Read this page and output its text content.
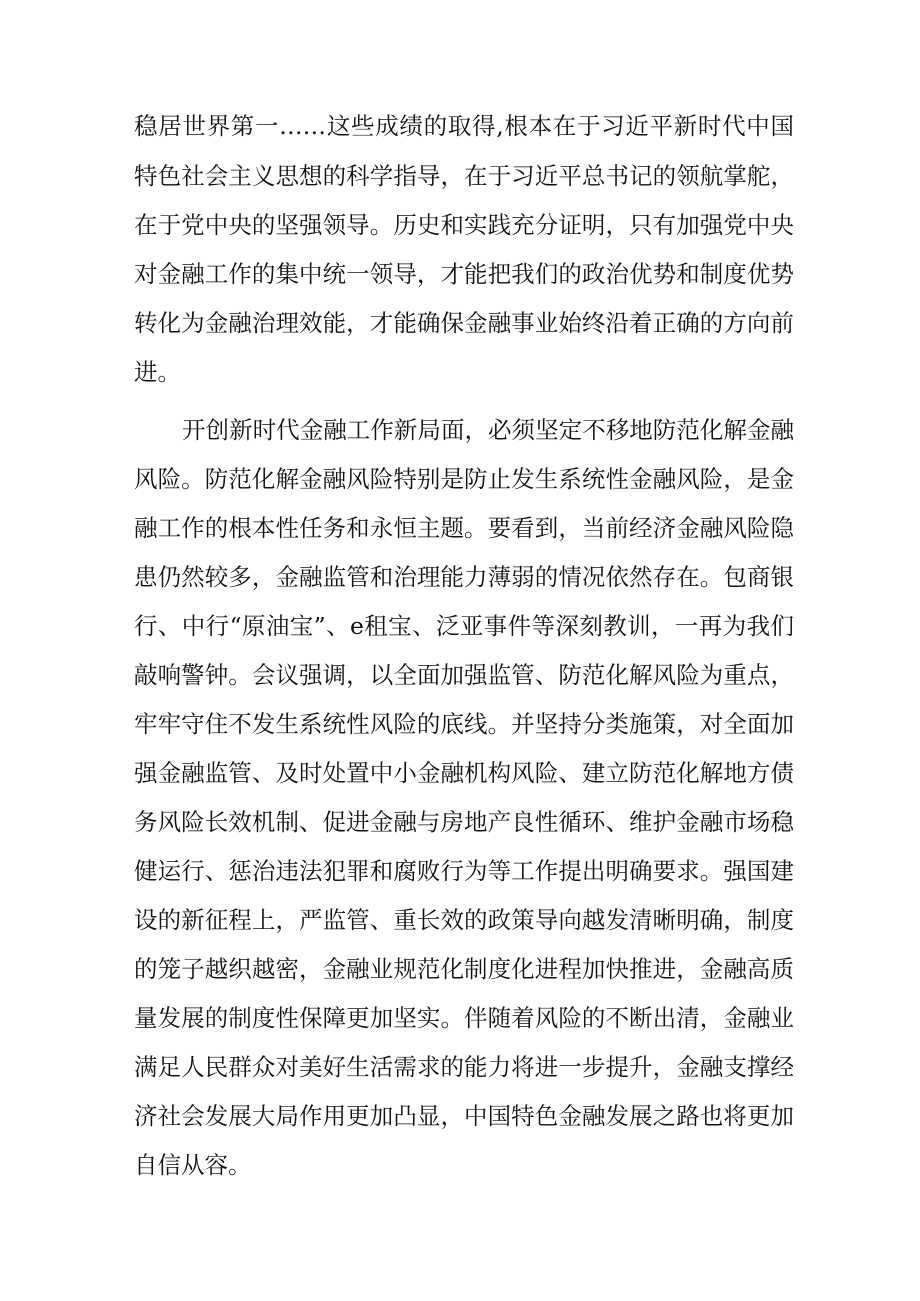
稳居世界第一……这些成绩的取得,根本在于习近平新时代中国

特色社会主义思想的科学指导，在于习近平总书记的领航掌舵，

在于党中央的坚强领导。历史和实践充分证明，只有加强党中央

对金融工作的集中统一领导，才能把我们的政治优势和制度优势

转化为金融治理效能，才能确保金融事业始终沿着正确的方向前

进。

开创新时代金融工作新局面，必须坚定不移地防范化解金融

风险。防范化解金融风险特别是防止发生系统性金融风险，是金

融工作的根本性任务和永恒主题。要看到，当前经济金融风险隐

患仍然较多，金融监管和治理能力薄弱的情况依然存在。包商银

行、中行“原油宝”、e租宝、泛亚事件等深刻教训，一再为我们

敲响警钟。会议强调，以全面加强监管、防范化解风险为重点，

牢牢守住不发生系统性风险的底线。并坚持分类施策，对全面加

强金融监管、及时处置中小金融机构风险、建立防范化解地方债

务风险长效机制、促进金融与房地产良性循环、维护金融市场稳

健运行、惩治违法犯罪和腐败行为等工作提出明确要求。强国建

设的新征程上，严监管、重长效的政策导向越发清晰明确，制度

的笼子越织越密，金融业规范化制度化进程加快推进，金融高质

量发展的制度性保障更加坚实。伴随着风险的不断出清，金融业

满足人民群众对美好生活需求的能力将进一步提升，金融支撑经

济社会发展大局作用更加凸显，中国特色金融发展之路也将更加

自信从容。
